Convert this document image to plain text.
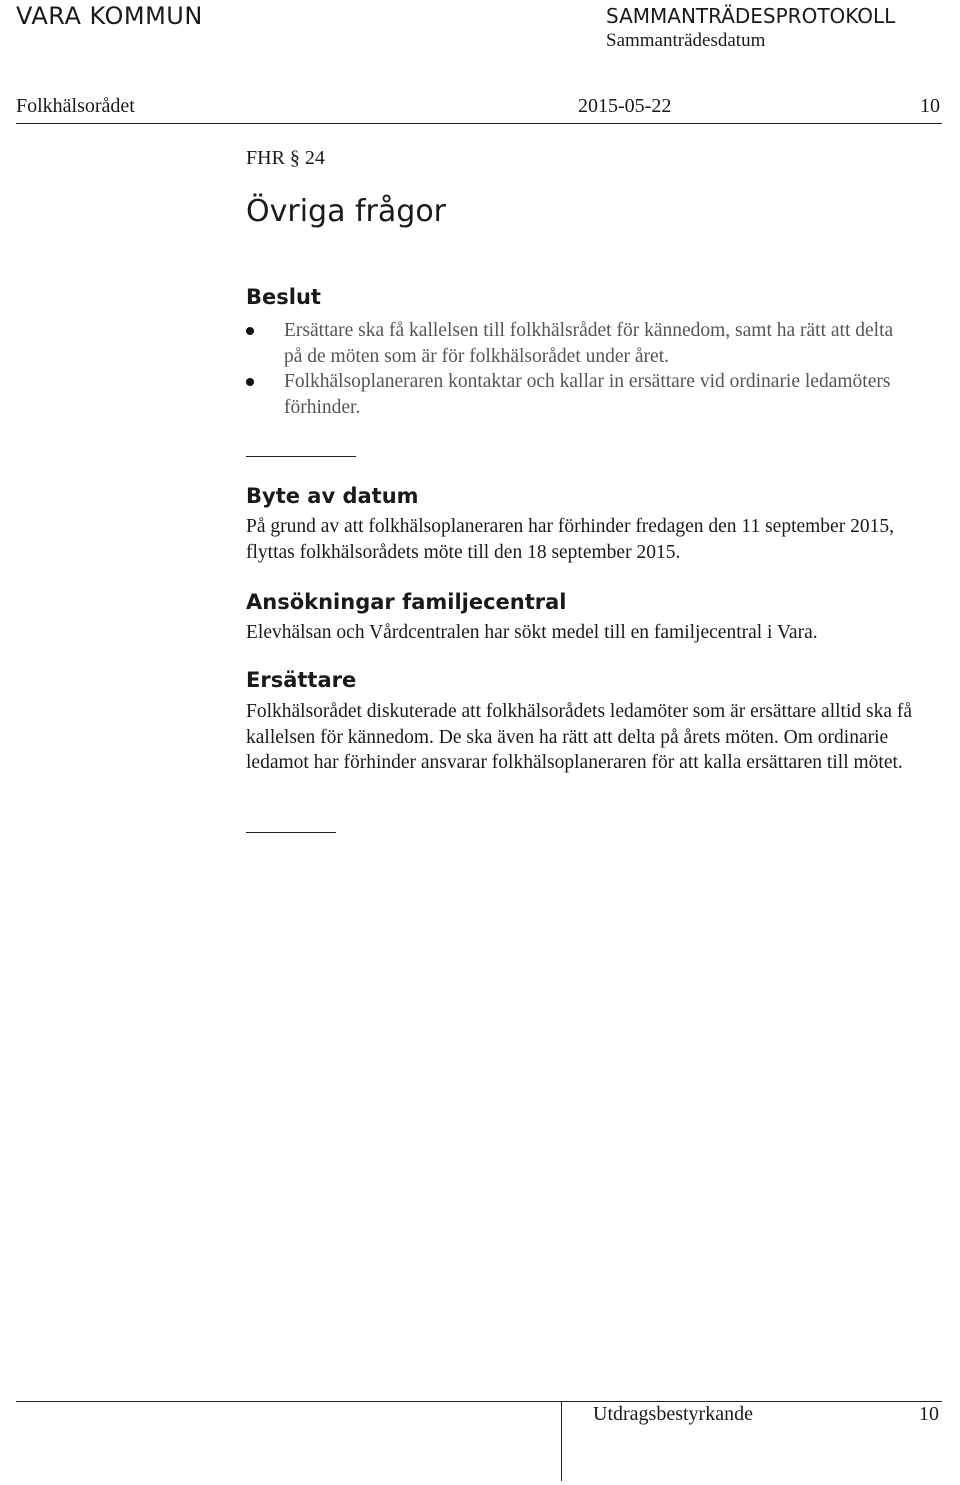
VARA KOMMUN	SAMMANTRÄDESPROTOKOLL
Sammanträdesdatum
Folkhälsorådet	2015-05-22	10
FHR § 24
Övriga frågor
Beslut

Ersättare ska få kallelsen till folkhälsrådet för kännedom, samt ha rätt att delta på de möten som är för folkhälsorådet under året.

Folkhälsoplaneraren kontaktar och kallar in ersättare vid ordinarie ledamöters förhinder.

Byte av datum

På grund av att folkhälsoplaneraren har förhinder fredagen den 11 september 2015, flyttas folkhälsorådets möte till den 18 september 2015.

Ansökningar familjecentral

Elevhälsan och Vårdcentralen har sökt medel till en familjecentral i Vara.

Ersättare

Folkhälsorådet diskuterade att folkhälsorådets ledamöter som är ersättare alltid ska få kallelsen för kännedom. De ska även ha rätt att delta på årets möten. Om ordinarie ledamot har förhinder ansvarar folkhälsoplaneraren för att kalla ersättaren till mötet.

Utdragsbestyrkande	10
